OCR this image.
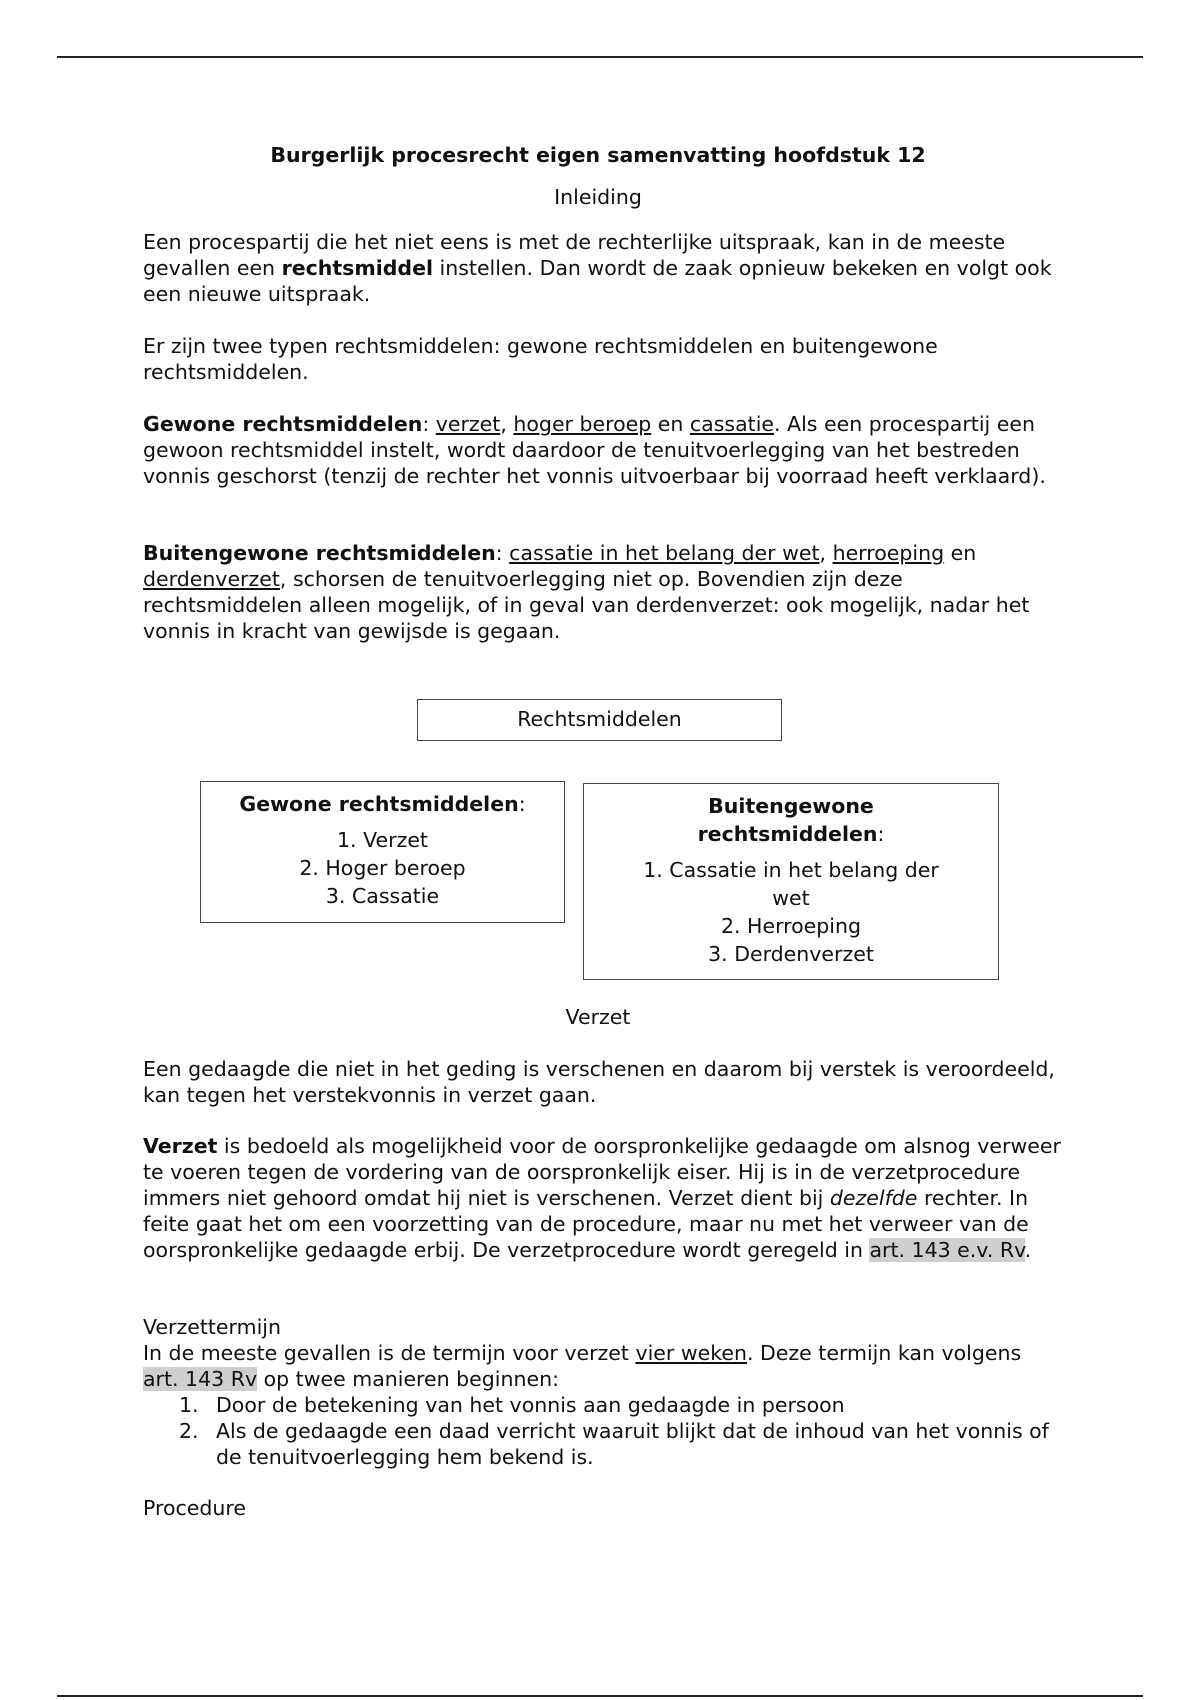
Burgerlijk procesrecht eigen samenvatting hoofdstuk 12
Inleiding

Een procespartij die het niet eens is met de rechterlijke uitspraak, kan in de meeste gevallen een rechtsmiddel instellen. Dan wordt de zaak opnieuw bekeken en volgt ook een nieuwe uitspraak.

Er zijn twee typen rechtsmiddelen: gewone rechtsmiddelen en buitengewone rechtsmiddelen.

Gewone rechtsmiddelen: verzet, hoger beroep en cassatie. Als een procespartij een gewoon rechtsmiddel instelt, wordt daardoor de tenuitvoerlegging van het bestreden vonnis geschorst (tenzij de rechter het vonnis uitvoerbaar bij voorraad heeft verklaard).

Buitengewone rechtsmiddelen: cassatie in het belang der wet, herroeping en derdenverzet, schorsen de tenuitvoerlegging niet op. Bovendien zijn deze rechtsmiddelen alleen mogelijk, of in geval van derdenverzet: ook mogelijk, nadar het vonnis in kracht van gewijsde is gegaan.

Rechtsmiddelen
Gewone rechtsmiddelen:
1. Verzet
2. Hoger beroep
3. Cassatie
Buitengewone
rechtsmiddelen:
1. Cassatie in het belang der
wet
2. Herroeping
3. Derdenverzet
Verzet

Een gedaagde die niet in het geding is verschenen en daarom bij verstek is veroordeeld, kan tegen het verstekvonnis in verzet gaan.

Verzet is bedoeld als mogelijkheid voor de oorspronkelijke gedaagde om alsnog verweer te voeren tegen de vordering van de oorspronkelijk eiser. Hij is in de verzetprocedure immers niet gehoord omdat hij niet is verschenen. Verzet dient bij dezelfde rechter. In feite gaat het om een voorzetting van de procedure, maar nu met het verweer van de oorspronkelijke gedaagde erbij. De verzetprocedure wordt geregeld in art. 143 e.v. Rv.

Verzettermijn

In de meeste gevallen is de termijn voor verzet vier weken. Deze termijn kan volgens art. 143 Rv op twee manieren beginnen:

1. Door de betekening van het vonnis aan gedaagde in persoon
2. Als de gedaagde een daad verricht waaruit blijkt dat de inhoud van het vonnis of de tenuitvoerlegging hem bekend is.

Procedure
